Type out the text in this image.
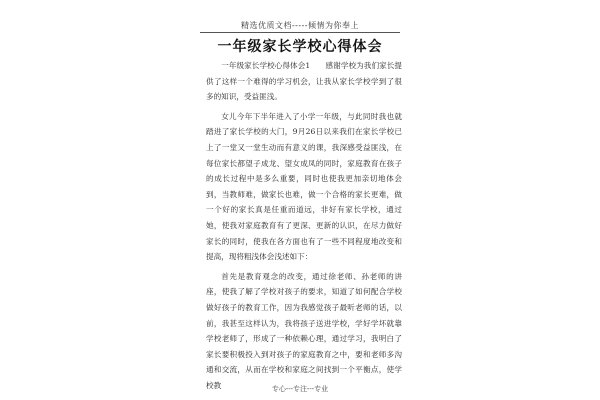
精选优质文档-----倾情为你奉上
一年级家长学校心得体会

一年级家长学校心得体会1　　感谢学校为我们家长提供了这样一个难得的学习机会，让我从家长学校学到了很多的知识，受益匪浅。

女儿今年下半年进入了小学一年级，与此同时我也就踏进了家长学校的大门，9月26日以来我们在家长学校已上了一堂又一堂生动而有意义的课，我深感受益匪浅，在每位家长都望子成龙、望女成凤的同时，家庭教育在孩子的成长过程中是多么重要，同时也使我更加亲切地体会到，当教师难，做家长也难，做一个合格的家长更难，做一个好的家长真是任重而道远，非好有家长学校，通过她，使我对家庭教育有了更深、更新的认识，在尽力做好家长的同时，使我在各方面也有了一些不同程度地改变和提高，现将粗浅体会浅述如下：

首先是教育观念的改变，通过徐老师、孙老师的讲座，使我了解了学校对孩子的要求，知道了如何配合学校做好孩子的教育工作，因为我感觉孩子最听老师的话，以前，我甚至这样认为，我将孩子送进学校，学好学坏就靠学校老师了，形成了一种依赖心理，通过学习，我明白了家长要积极投入到对孩子的家庭教育之中，要和老师多沟通和交流，从而在学校和家庭之间找到一个平衡点，使学校教	专心---专注---专业
